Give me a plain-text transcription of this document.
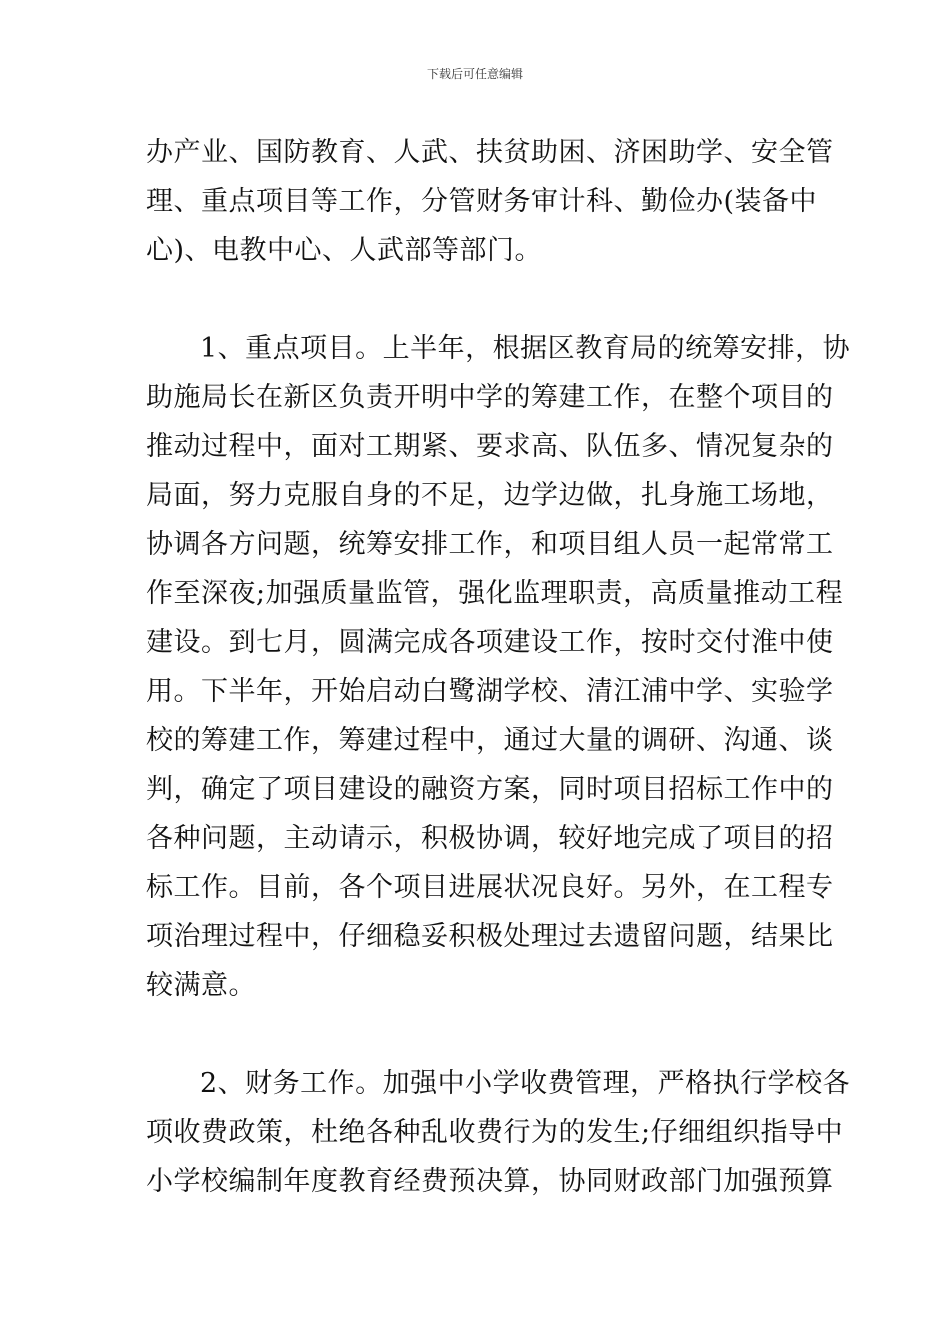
下载后可任意编辑
办产业、国防教育、人武、扶贫助困、济困助学、安全管
理、重点项目等工作，分管财务审计科、勤俭办(装备中
心)、电教中心、人武部等部门。
1、重点项目。上半年，根据区教育局的统筹安排，协
助施局长在新区负责开明中学的筹建工作，在整个项目的
推动过程中，面对工期紧、要求高、队伍多、情况复杂的
局面，努力克服自身的不足，边学边做，扎身施工场地，
协调各方问题，统筹安排工作，和项目组人员一起常常工
作至深夜;加强质量监管，强化监理职责，高质量推动工程
建设。到七月，圆满完成各项建设工作，按时交付淮中使
用。下半年，开始启动白鹭湖学校、清江浦中学、实验学
校的筹建工作，筹建过程中，通过大量的调研、沟通、谈
判，确定了项目建设的融资方案，同时项目招标工作中的
各种问题，主动请示，积极协调，较好地完成了项目的招
标工作。目前，各个项目进展状况良好。另外，在工程专
项治理过程中，仔细稳妥积极处理过去遗留问题，结果比
较满意。
2、财务工作。加强中小学收费管理，严格执行学校各
项收费政策，杜绝各种乱收费行为的发生;仔细组织指导中
小学校编制年度教育经费预决算，协同财政部门加强预算
